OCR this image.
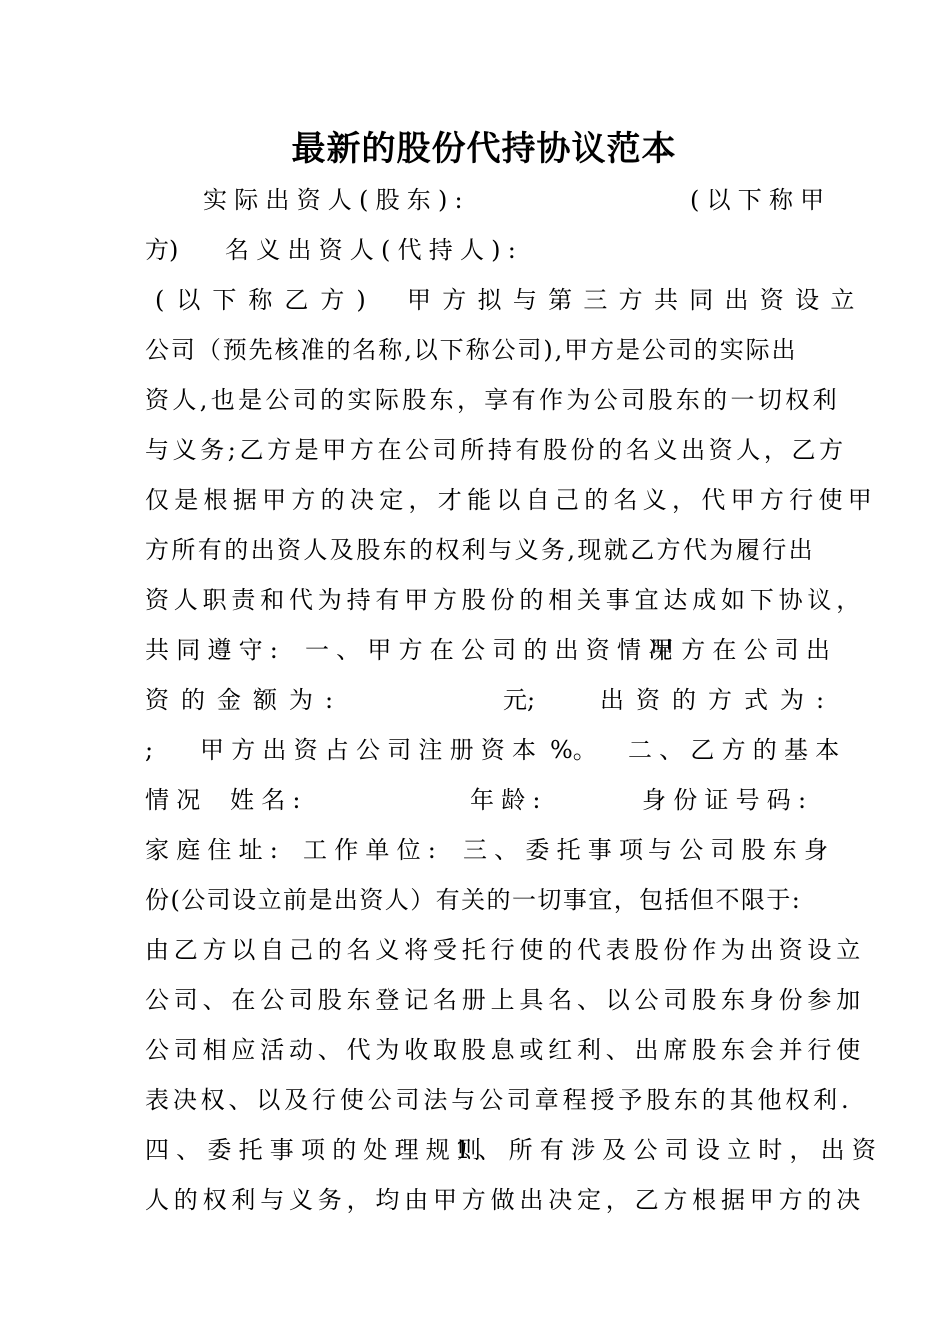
最新的股份代持协议范本
实际出资人(股东):	(以下称甲
方) 名义出资人(代持人):
(以下称乙方) 甲方拟与第三方共同出资设立
公司（预先核准的名称,以下称公司),甲方是公司的实际出
资人,也是公司的实际股东，享有作为公司股东的一切权利
与义务;乙方是甲方在公司所持有股份的名义出资人，乙方
仅是根据甲方的决定，才能以自己的名义，代甲方行使甲
方所有的出资人及股东的权利与义务,现就乙方代为履行出
资人职责和代为持有甲方股份的相关事宜达成如下协议，
共同遵守: 一、甲方在公司的出资情况
甲方在公司出
资的金额为:	元;	出资的方式为:
; 甲方出资占公司注册资本 %。 二、乙方的基本
情况 姓名:	年龄:	身份证号码:
家庭住址: 工作单位: 三、委托事项
与公司股东身
份(公司设立前是出资人）有关的一切事宜，包括但不限于:
由乙方以自己的名义将受托行使的代表股份作为出资设立
公司、在公司股东登记名册上具名、以公司股东身份参加
公司相应活动、代为收取股息或红利、出席股东会并行使
表决权、以及行使公司法与公司章程授予股东的其他权利.
四、委托事项的处理规则
1、所有涉及公司设立时，出资
人的权利与义务，均由甲方做出决定，乙方根据甲方的决
